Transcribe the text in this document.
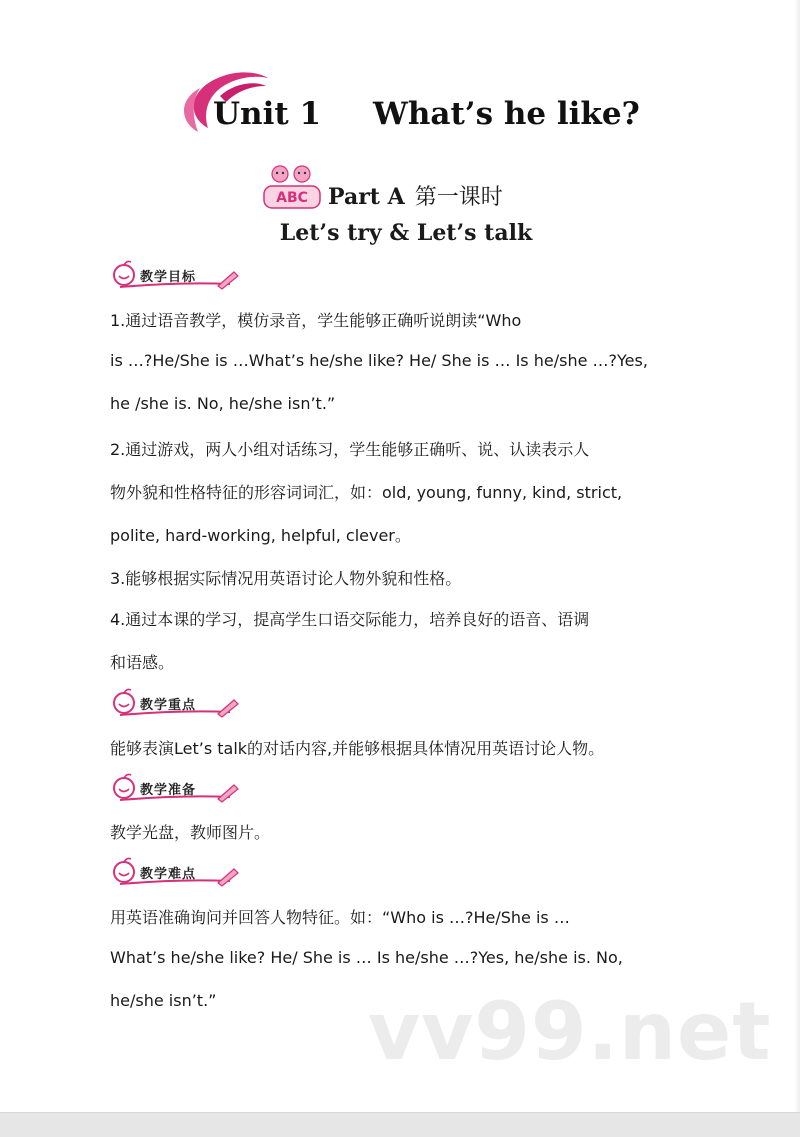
Unit 1 What’s he like?
ABC Part A 第一课时
Let’s try & Let’s talk
教学目标
1.通过语音教学，模仿录音，学生能够正确听说朗读“Who
is …?He/She is …What’s he/she like? He/ She is … Is he/she …?Yes,
he /she is. No, he/she isn’t.”
2.通过游戏，两人小组对话练习，学生能够正确听、说、认读表示人
物外貌和性格特征的形容词词汇，如：old, young, funny, kind, strict,
polite, hard-working, helpful, clever。
3.能够根据实际情况用英语讨论人物外貌和性格。
4.通过本课的学习，提高学生口语交际能力，培养良好的语音、语调
和语感。
教学重点
能够表演Let’s talk的对话内容,并能够根据具体情况用英语讨论人物。
教学准备
教学光盘，教师图片。
教学难点
用英语准确询问并回答人物特征。如：“Who is …?He/She is …
What’s he/she like? He/ She is … Is he/she …?Yes, he/she is. No,
he/she isn’t.”	vv99.net
